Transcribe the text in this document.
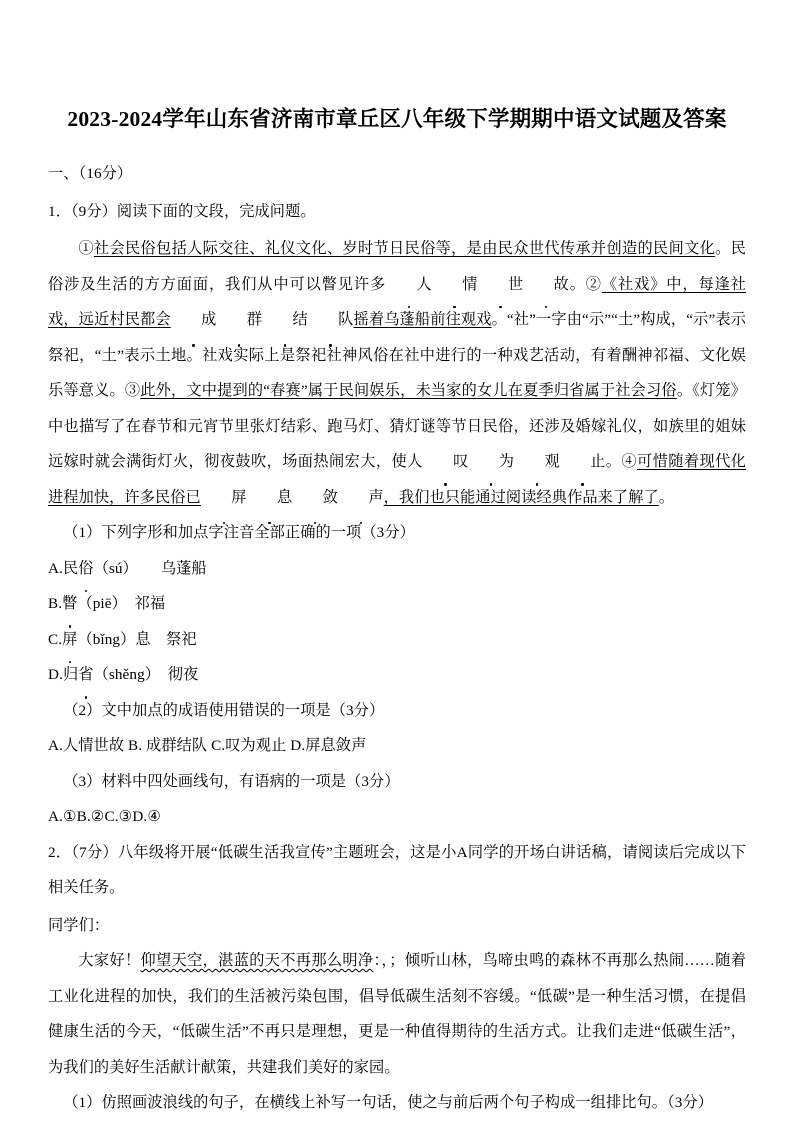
2023-2024学年山东省济南市章丘区八年级下学期期中语文试题及答案

一、（16分）

1．（9分）阅读下面的文段，完成问题。

①社会民俗包括人际交往、礼仪文化、岁时节日民俗等，是由民众世代传承并创造的民间文化。民俗涉及生活的方方面面，我们从中可以瞥见许多 人 情 世 故。②《社戏》中，每逢社戏，远近村民都会 成 群 结 队摇着乌蓬船前往观戏。“社”一字由“示”“土”构成，“示”表示祭祀，“土”表示土地。社戏实际上是祭祀社神风俗在社中进行的一种戏艺活动，有着酬神祁福、文化娱乐等意义。③此外，文中提到的“春赛”属于民间娱乐，未当家的女儿在夏季归省属于社会习俗。《灯笼》中也描写了在春节和元宵节里张灯结彩、跑马灯、猜灯谜等节日民俗，还涉及婚嫁礼仪，如族里的姐妹远嫁时就会满街灯火，彻夜鼓吹，场面热闹宏大，使人 叹 为 观 止。④可惜随着现代化进程加快，许多民俗已 屏 息 敛 声，我们也只能通过阅读经典作品来了解了。

（1）下列字形和加点字注音全部正确的一项（3分）

A.民俗（sú）　　 乌蓬船

B.瞥（piē）　 祁福

C.屏（bǐng）息　 祭祀

D.归省（shěng）　 彻夜

（2）文中加点的成语使用错误的一项是（3分）

A.人情世故 B. 成群结队 C.叹为观止 D.屏息敛声

（3）材料中四处画线句，有语病的一项是（3分）

A.①B.②C.③D.④

2．（7分）八年级将开展“低碳生活我宣传”主题班会，这是小A同学的开场白讲话稿，请阅读后完成以下相关任务。

同学们：

大家好！仰望天空，湛蓝的天不再那么明净：，；倾听山林，鸟啼虫鸣的森林不再那么热闹……随着工业化进程的加快，我们的生活被污染包围，倡导低碳生活刻不容缓。“低碳”是一种生活习惯，在提倡健康生活的今天，“低碳生活”不再只是理想，更是一种值得期待的生活方式。让我们走进“低碳生活”，为我们的美好生活献计献策，共建我们美好的家园。

（1）仿照画波浪线的句子，在横线上补写一句话，使之与前后两个句子构成一组排比句。（3分）
